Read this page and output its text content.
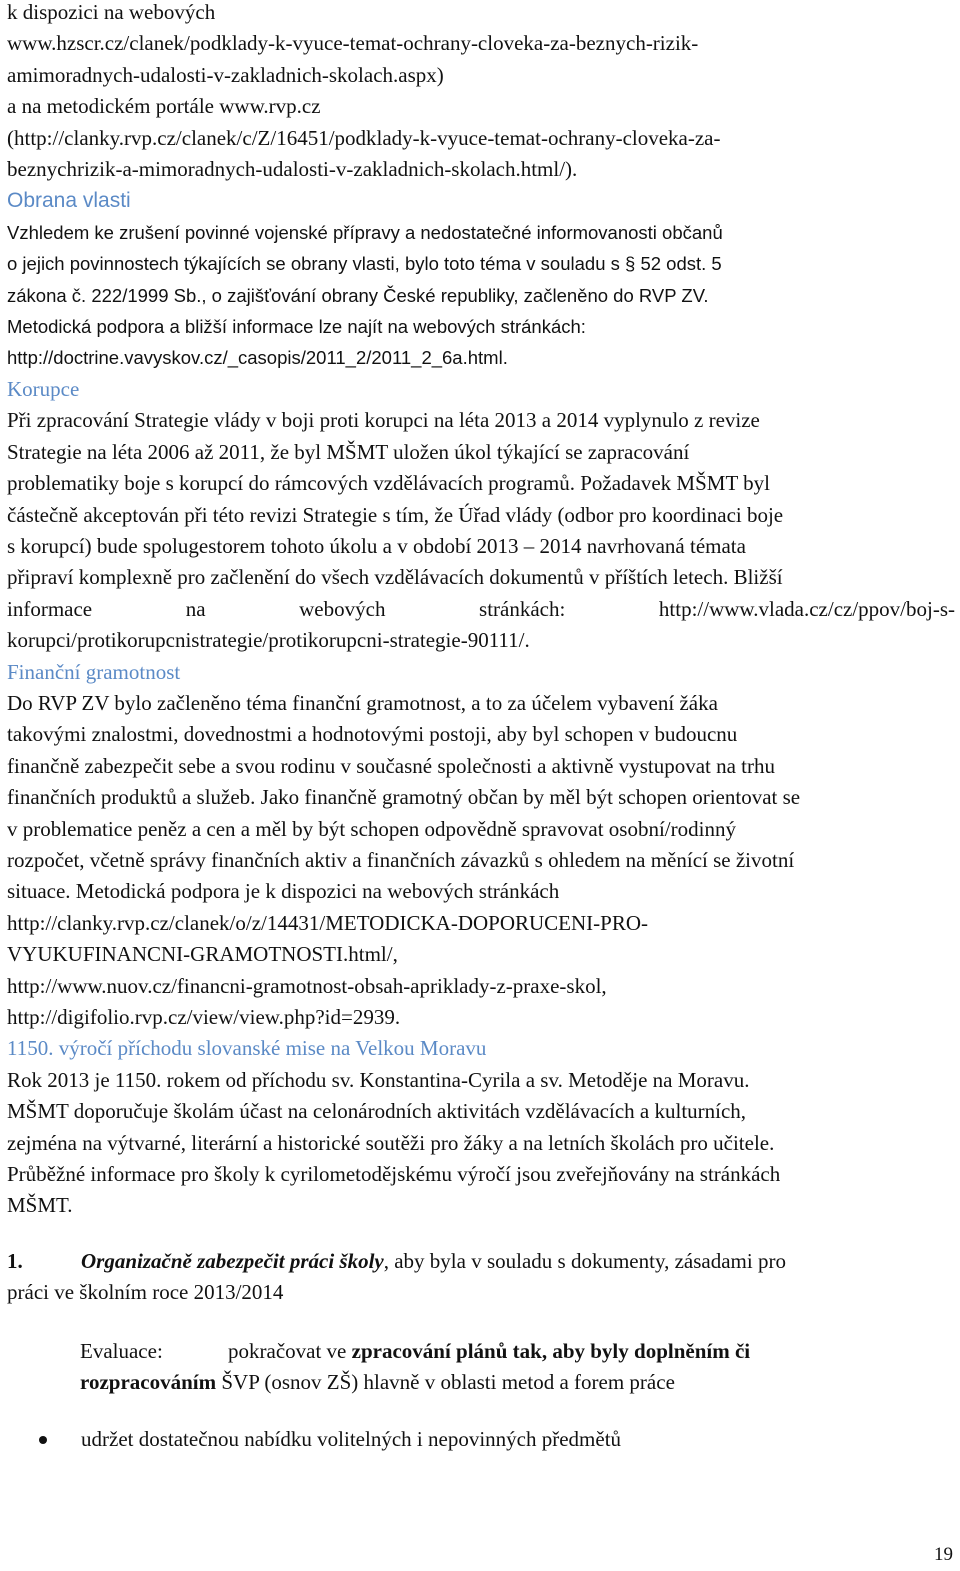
k dispozici na webových

www.hzscr.cz/clanek/podklady-k-vyuce-temat-ochrany-cloveka-za-beznych-rizik-

amimoradnych-udalosti-v-zakladnich-skolach.aspx)

a na metodickém portále www.rvp.cz

(http://clanky.rvp.cz/clanek/c/Z/16451/podklady-k-vyuce-temat-ochrany-cloveka-za-

beznychrizik-a-mimoradnych-udalosti-v-zakladnich-skolach.html/).

Obrana vlasti

Vzhledem ke zrušení povinné vojenské přípravy a nedostatečné informovanosti občanů

o jejich povinnostech týkajících se obrany vlasti, bylo toto téma v souladu s § 52 odst. 5

zákona č. 222/1999 Sb., o zajišťování obrany České republiky, začleněno do RVP ZV.

Metodická podpora a bližší informace lze najít na webových stránkách:

http://doctrine.vavyskov.cz/_casopis/2011_2/2011_2_6a.html.

Korupce

Při zpracování Strategie vlády v boji proti korupci na léta 2013 a 2014 vyplynulo z revize

Strategie na léta 2006 až 2011, že byl MŠMT uložen úkol týkající se zapracování

problematiky boje s korupcí do rámcových vzdělávacích programů. Požadavek MŠMT byl

částečně akceptován při této revizi Strategie s tím, že Úřad vlády (odbor pro koordinaci boje

s korupcí) bude spolugestorem tohoto úkolu a v období 2013 – 2014 navrhovaná témata

připraví komplexně pro začlenění do všech vzdělávacích dokumentů v příštích letech. Bližší

informace na webových stránkách: http://www.vlada.cz/cz/ppov/boj-s-

korupci/protikorupcnistrategie/protikorupcni-strategie-90111/.

Finanční gramotnost

Do RVP ZV bylo začleněno téma finanční gramotnost, a to za účelem vybavení žáka

takovými znalostmi, dovednostmi a hodnotovými postoji, aby byl schopen v budoucnu

finančně zabezpečit sebe a svou rodinu v současné společnosti a aktivně vystupovat na trhu

finančních produktů a služeb. Jako finančně gramotný občan by měl být schopen orientovat se

v problematice peněz a cen a měl by být schopen odpovědně spravovat osobní/rodinný

rozpočet, včetně správy finančních aktiv a finančních závazků s ohledem na měnící se životní

situace. Metodická podpora je k dispozici na webových stránkách

http://clanky.rvp.cz/clanek/o/z/14431/METODICKA-DOPORUCENI-PRO-

VYUKUFINANCNI-GRAMOTNOSTI.html/,

http://www.nuov.cz/financni-gramotnost-obsah-apriklady-z-praxe-skol,

http://digifolio.rvp.cz/view/view.php?id=2939.

1150. výročí příchodu slovanské mise na Velkou Moravu

Rok 2013 je 1150. rokem od příchodu sv. Konstantina-Cyrila a sv. Metoděje na Moravu.

MŠMT doporučuje školám účast na celonárodních aktivitách vzdělávacích a kulturních,

zejména na výtvarné, literární a historické soutěži pro žáky a na letních školách pro učitele.

Průběžné informace pro školy k cyrilometodějskému výročí jsou zveřejňovány na stránkách

MŠMT.

1.	Organizačně zabezpečit práci školy, aby byla v souladu s dokumenty, zásadami pro

práci ve školním roce 2013/2014

Evaluace:	pokračovat ve zpracování plánů tak, aby byly doplněním či

rozpracováním ŠVP (osnov ZŠ) hlavně v oblasti metod a forem práce

udržet dostatečnou nabídku volitelných i nepovinných předmětů

19
